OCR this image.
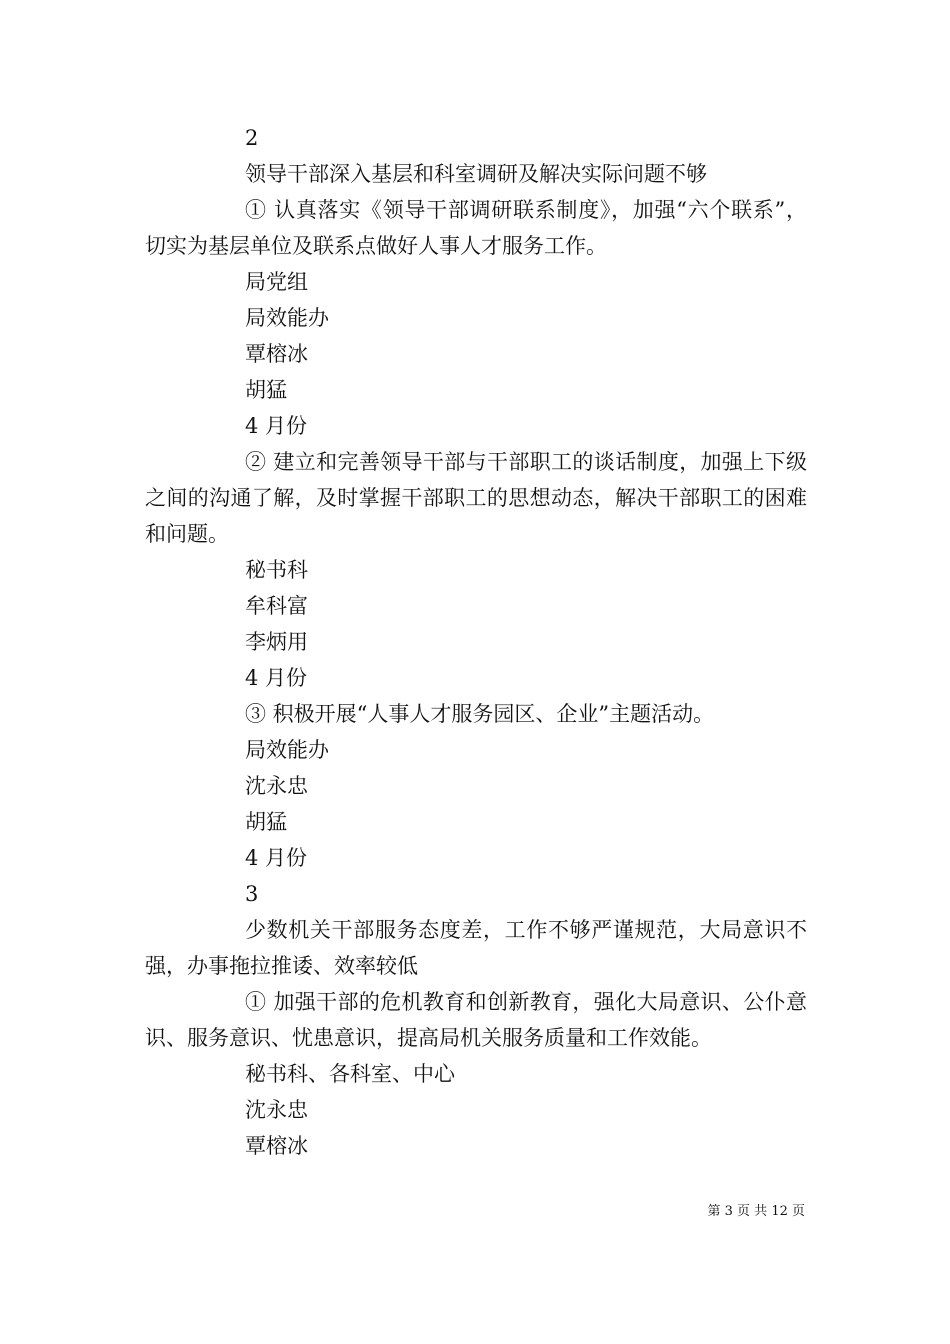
2
领导干部深入基层和科室调研及解决实际问题不够
① 认真落实《领导干部调研联系制度》，加强“六个联系”，切实为基层单位及联系点做好人事人才服务工作。
局党组
局效能办
覃榕冰
胡猛
4 月份
② 建立和完善领导干部与干部职工的谈话制度，加强上下级之间的沟通了解，及时掌握干部职工的思想动态，解决干部职工的困难和问题。
秘书科
牟科富
李炳用
4 月份
③ 积极开展“人事人才服务园区、企业”主题活动。
局效能办
沈永忠
胡猛
4 月份
3
少数机关干部服务态度差，工作不够严谨规范，大局意识不强，办事拖拉推诿、效率较低
① 加强干部的危机教育和创新教育，强化大局意识、公仆意识、服务意识、忧患意识，提高局机关服务质量和工作效能。
秘书科、各科室、中心
沈永忠
覃榕冰
第 3 页 共 12 页
